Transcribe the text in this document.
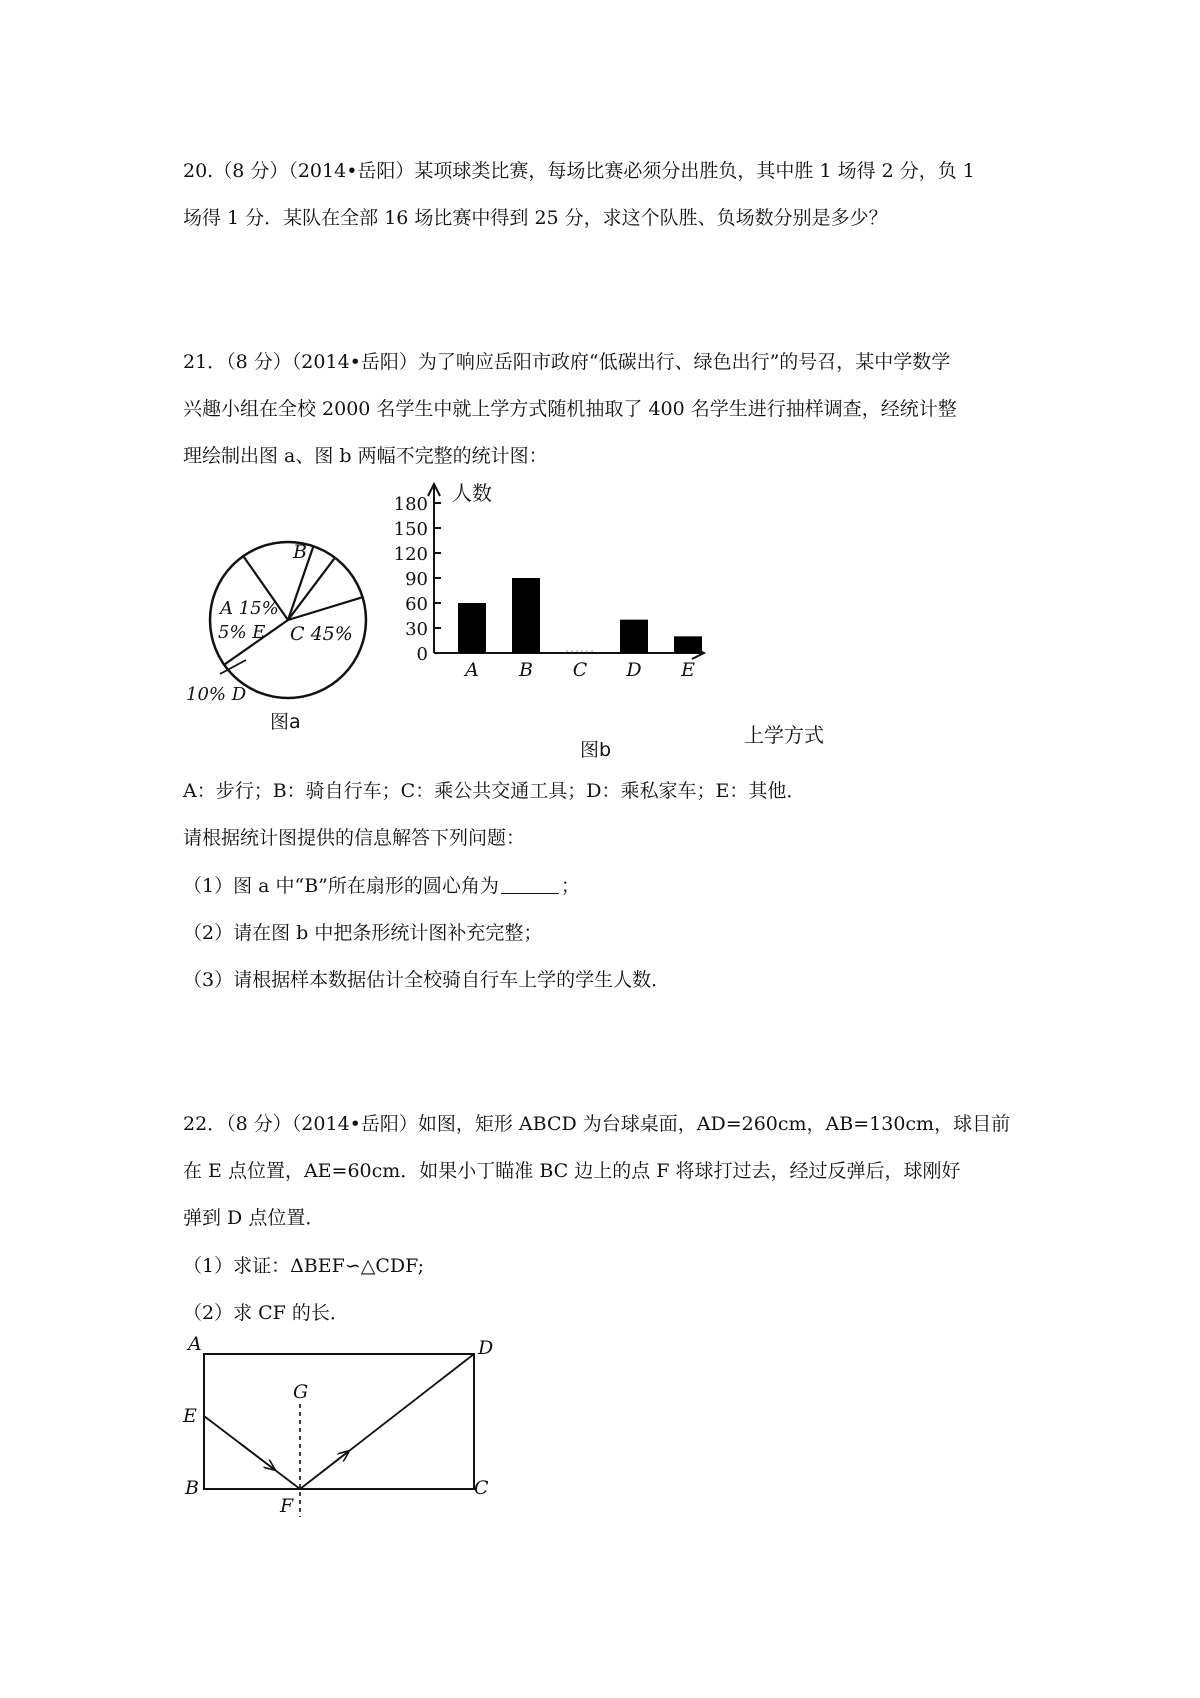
20.（8 分）（2014•岳阳）某项球类比赛，每场比赛必须分出胜负，其中胜 1 场得 2 分，负 1
场得 1 分．某队在全部 16 场比赛中得到 25 分，求这个队胜、负场数分别是多少？
21．（8 分）（2014•岳阳）为了响应岳阳市政府“低碳出行、绿色出行”的号召，某中学数学
兴趣小组在全校 2000 名学生中就上学方式随机抽取了 400 名学生进行抽样调查，经统计整
理绘制出图 a、图 b 两幅不完整的统计图：
B
A 15%
5% E C 45%
10% D
图a
0
30
60
90
120
150
180
A B C D E
人数
上学方式
图b
A：步行；B：骑自行车；C：乘公共交通工具；D：乘私家车；E：其他．
请根据统计图提供的信息解答下列问题：
（1）图 a 中“B”所在扇形的圆心角为	；
（2）请在图 b 中把条形统计图补充完整；
（3）请根据样本数据估计全校骑自行车上学的学生人数．
22．（8 分）（2014•岳阳）如图，矩形 ABCD 为台球桌面，AD=260cm，AB=130cm，球目前
在 E 点位置，AE=60cm．如果小丁瞄准 BC 边上的点 F 将球打过去，经过反弹后，球刚好
弹到 D 点位置．
（1）求证：ΔBEF∽△CDF;
（2）求 CF 的长．
A	D
E
G
B
F
C
